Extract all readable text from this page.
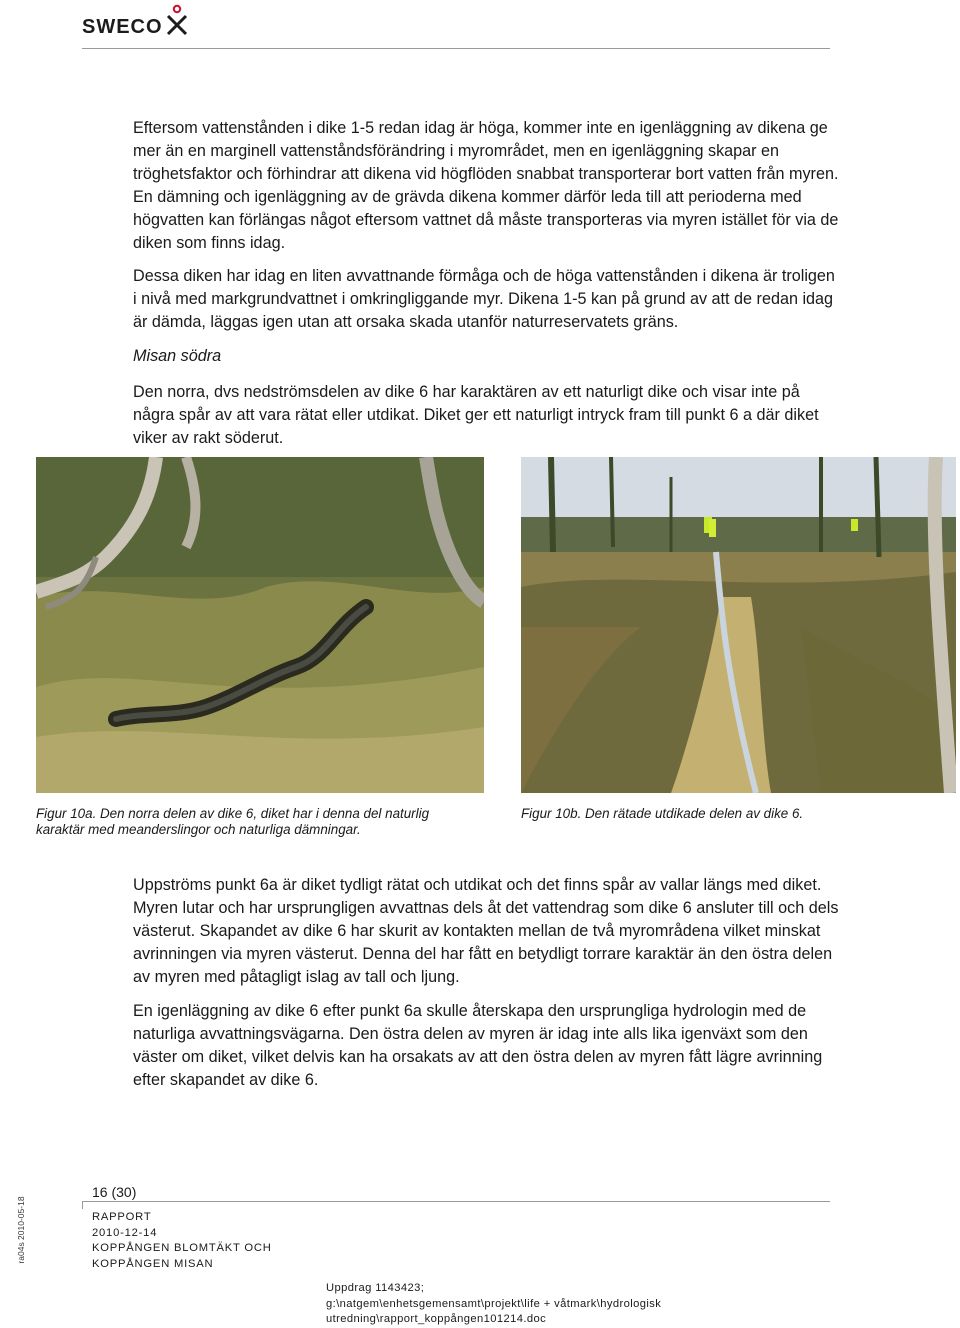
SWECO

Eftersom vattenstånden i dike 1-5 redan idag är höga, kommer inte en igenläggning av dikena ge mer än en marginell vattenståndsförändring i myrområdet, men en igenläggning skapar en tröghetsfaktor och förhindrar att dikena vid högflöden snabbat transporterar bort vatten från myren. En dämning och igenläggning av de grävda dikena kommer därför leda till att perioderna med högvatten kan förlängas något eftersom vattnet då måste transporteras via myren istället för via de diken som finns idag.

Dessa diken har idag en liten avvattnande förmåga och de höga vattenstånden i dikena är troligen i nivå med markgrundvattnet i omkringliggande myr. Dikena 1-5 kan på grund av att de redan idag är dämda, läggas igen utan att orsaka skada utanför naturreservatets gräns.

Misan södra

Den norra, dvs nedströmsdelen av dike 6 har karaktären av ett naturligt dike och visar inte på några spår av att vara rätat eller utdikat. Diket ger ett naturligt intryck fram till punkt 6 a där diket viker av rakt söderut.

Figur 10a. Den norra delen av dike 6, diket har i denna del naturlig karaktär med meanderslingor och naturliga dämningar.

Figur 10b. Den rätade utdikade delen av dike 6.

Uppströms punkt 6a är diket tydligt rätat och utdikat och det finns spår av vallar längs med diket. Myren lutar och har ursprungligen avvattnas dels åt det vattendrag som dike 6 ansluter till och dels västerut. Skapandet av dike 6 har skurit av kontakten mellan de två myrområdena vilket minskat avrinningen via myren västerut. Denna del har fått en betydligt torrare karaktär än den östra delen av myren med påtagligt islag av tall och ljung.

En igenläggning av dike 6 efter punkt 6a skulle återskapa den ursprungliga hydrologin med de naturliga avvattningsvägarna. Den östra delen av myren är idag inte alls lika igenväxt som den väster om diket, vilket delvis kan ha orsakats av att den östra delen av myren fått lägre avrinning efter skapandet av dike 6.

16 (30)
RAPPORT
2010-12-14
KOPPÅNGEN BLOMTÄKT OCH
KOPPÅNGEN MISAN
Uppdrag 1143423;
g:\natgem\enhetsgemensamt\projekt\life + våtmark\hydrologisk
utredning\rapport_koppången101214.doc
ra04s 2010-05-18
